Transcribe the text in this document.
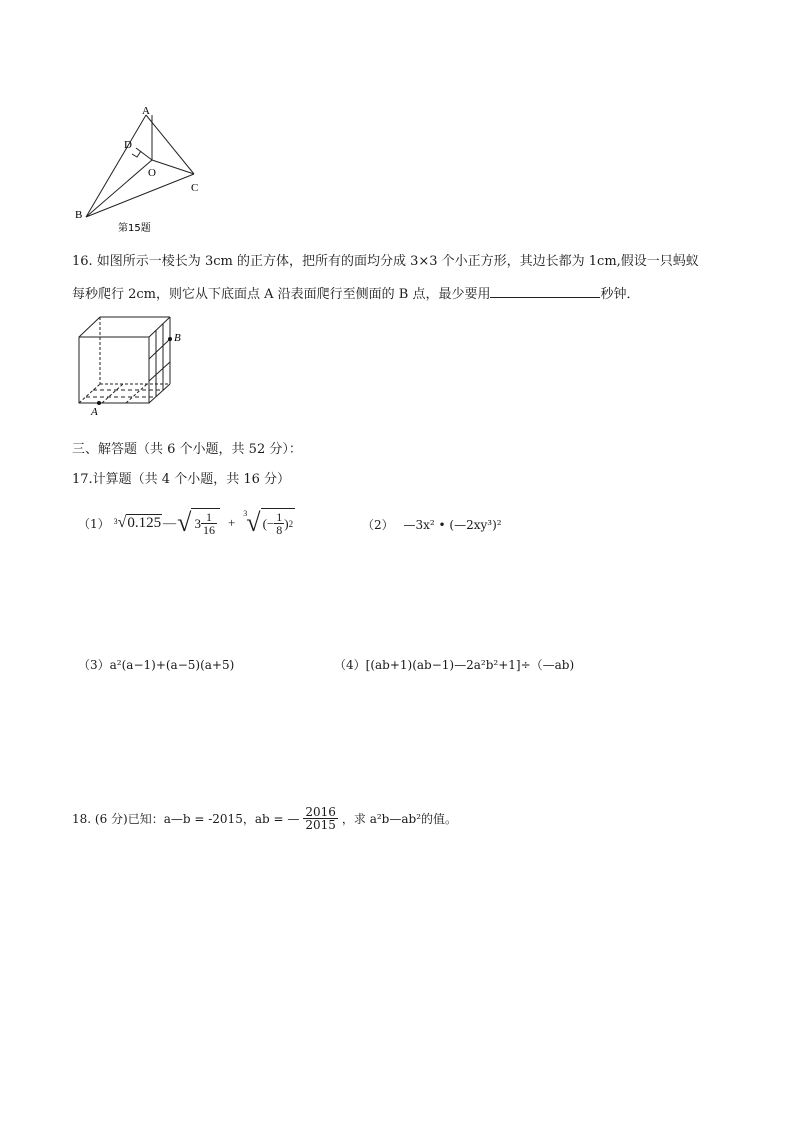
A
D
O
C
B
第15题
16. 如图所示一棱长为 3cm 的正方体，把所有的面均分成 3×3 个小正方形，其边长都为 1cm,假设一只蚂蚁
每秒爬行 2cm，则它从下底面点 A 沿表面爬行至侧面的 B 点，最少要用	秒钟．
A
B
三、解答题（共 6 个小题，共 52 分）：
17.计算题（共 4 个小题，共 16 分）
（1） 3 √ 0.125 — √ $3 \frac{1}{16}$ +
3 √ (− $\frac{1}{8}$ ) 2	（2） —3x² • (—2xy³)²
（3）a²(a−1)+(a−5)(a+5)	（4）[(ab+1)(ab−1)—2a²b²+1]÷（—ab)
18. (6 分)已知：a—b = -2015，ab = — $\frac{2016}{2015}$ ，求 a²b—ab²的值。
